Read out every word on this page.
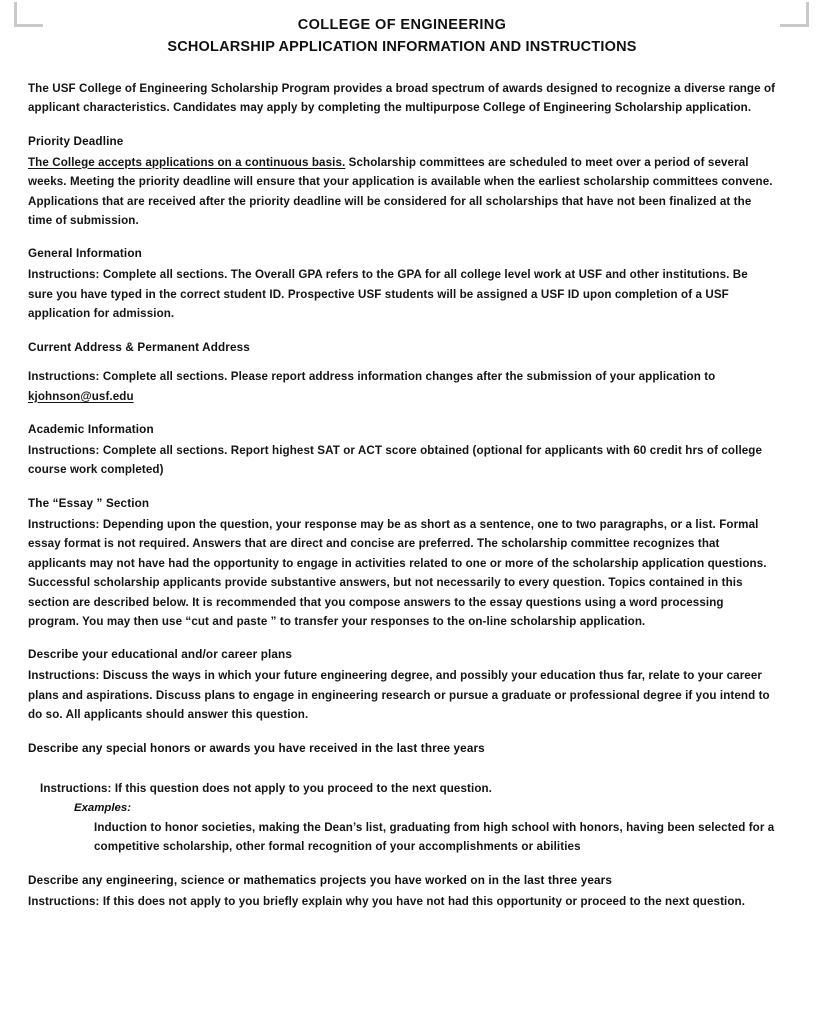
COLLEGE OF ENGINEERING
SCHOLARSHIP APPLICATION INFORMATION AND INSTRUCTIONS

The USF College of Engineering Scholarship Program provides a broad spectrum of awards designed to recognize a diverse range of applicant characteristics. Candidates may apply by completing the multipurpose College of Engineering Scholarship application.

Priority Deadline

The College accepts applications on a continuous basis. Scholarship committees are scheduled to meet over a period of several weeks. Meeting the priority deadline will ensure that your application is available when the earliest scholarship committees convene. Applications that are received after the priority deadline will be considered for all scholarships that have not been finalized at the time of submission.

General Information

Instructions: Complete all sections. The Overall GPA refers to the GPA for all college level work at USF and other institutions. Be sure you have typed in the correct student ID. Prospective USF students will be assigned a USF ID upon completion of a USF application for admission.

Current Address & Permanent Address

Instructions: Complete all sections. Please report address information changes after the submission of your application to kjohnson@usf.edu

Academic Information

Instructions: Complete all sections. Report highest SAT or ACT score obtained (optional for applicants with 60 credit hrs of college course work completed)

The “Essay ” Section

Instructions: Depending upon the question, your response may be as short as a sentence, one to two paragraphs, or a list. Formal essay format is not required. Answers that are direct and concise are preferred. The scholarship committee recognizes that applicants may not have had the opportunity to engage in activities related to one or more of the scholarship application questions. Successful scholarship applicants provide substantive answers, but not necessarily to every question. Topics contained in this section are described below. It is recommended that you compose answers to the essay questions using a word processing program. You may then use “cut and paste ” to transfer your responses to the on-line scholarship application.

Describe your educational and/or career plans

Instructions: Discuss the ways in which your future engineering degree, and possibly your education thus far, relate to your career plans and aspirations. Discuss plans to engage in engineering research or pursue a graduate or professional degree if you intend to do so. All applicants should answer this question.

Describe any special honors or awards you have received in the last three years

Instructions: If this question does not apply to you proceed to the next question.

Examples:

Induction to honor societies, making the Dean’s list, graduating from high school with honors, having been selected for a competitive scholarship, other formal recognition of your accomplishments or abilities

Describe any engineering, science or mathematics projects you have worked on in the last three years

Instructions: If this does not apply to you briefly explain why you have not had this opportunity or proceed to the next question.
